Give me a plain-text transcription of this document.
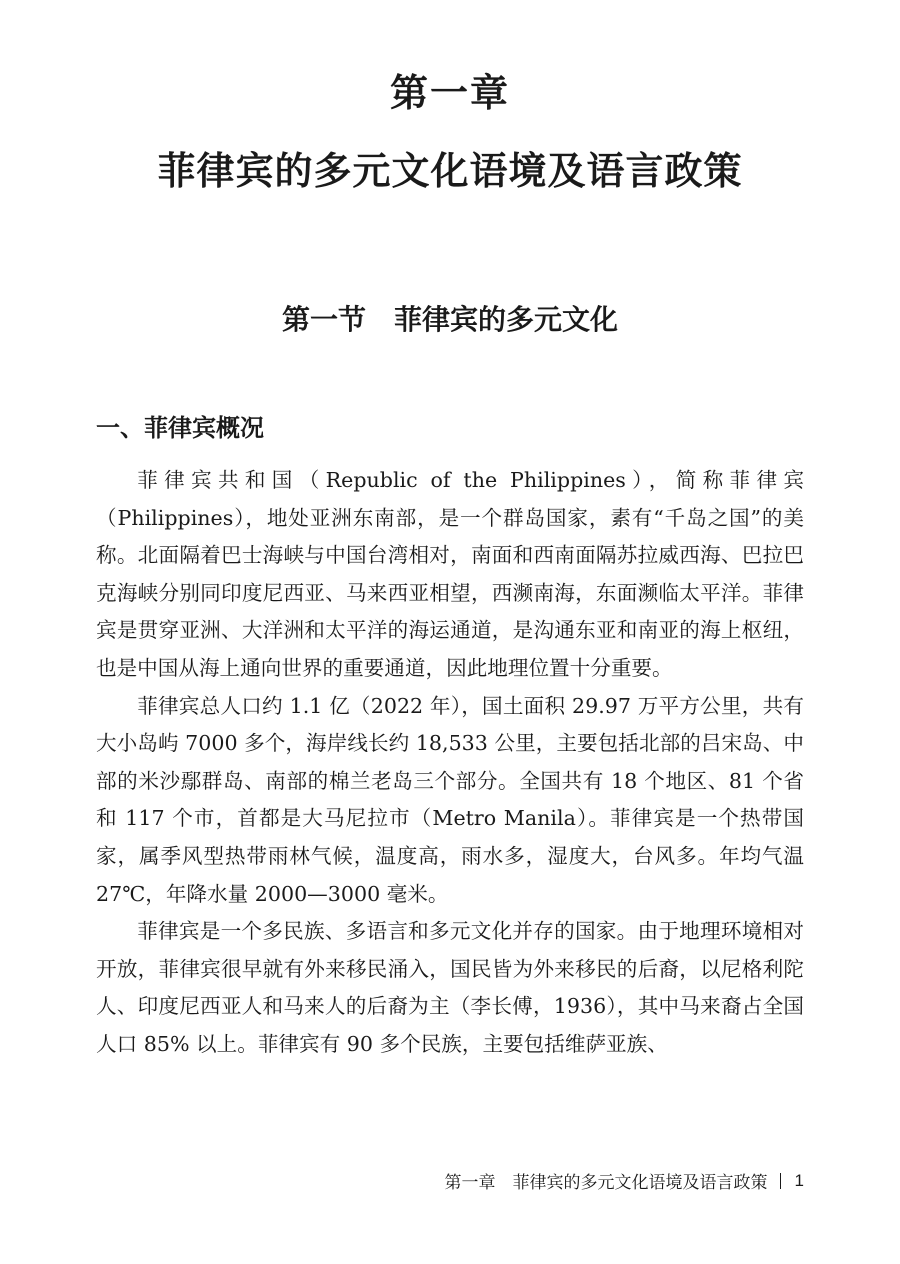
第一章
菲律宾的多元文化语境及语言政策
第一节　菲律宾的多元文化
一、菲律宾概况

菲律宾共和国（Republic of the Philippines），简称菲律宾（Philippines），地处亚洲东南部，是一个群岛国家，素有“千岛之国”的美称。北面隔着巴士海峡与中国台湾相对，南面和西南面隔苏拉威西海、巴拉巴克海峡分别同印度尼西亚、马来西亚相望，西濒南海，东面濒临太平洋。菲律宾是贯穿亚洲、大洋洲和太平洋的海运通道，是沟通东亚和南亚的海上枢纽，也是中国从海上通向世界的重要通道，因此地理位置十分重要。

菲律宾总人口约 1.1 亿（2022 年），国土面积 29.97 万平方公里，共有大小岛屿 7000 多个，海岸线长约 18,533 公里，主要包括北部的吕宋岛、中部的米沙鄢群岛、南部的棉兰老岛三个部分。全国共有 18 个地区、81 个省和 117 个市，首都是大马尼拉市（Metro Manila）。菲律宾是一个热带国家，属季风型热带雨林气候，温度高，雨水多，湿度大，台风多。年均气温 27℃，年降水量 2000—3000 毫米。

菲律宾是一个多民族、多语言和多元文化并存的国家。由于地理环境相对开放，菲律宾很早就有外来移民涌入，国民皆为外来移民的后裔，以尼格利陀人、印度尼西亚人和马来人的后裔为主（李长傅，1936），其中马来裔占全国人口 85% 以上。菲律宾有 90 多个民族，主要包括维萨亚族、

第一章　菲律宾的多元文化语境及语言政策 1
